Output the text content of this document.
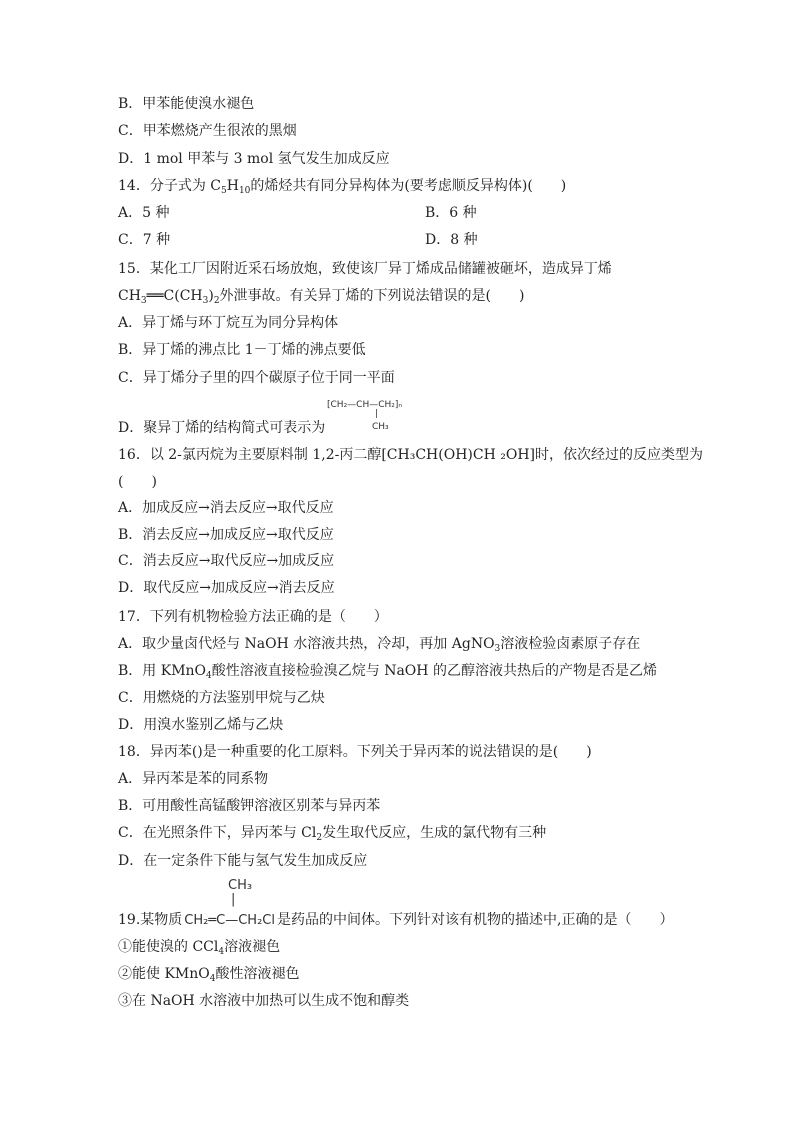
B．甲苯能使溴水褪色
C．甲苯燃烧产生很浓的黑烟
D．1 mol 甲苯与 3 mol 氢气发生加成反应
14．分子式为 $C_5H_{10}$的烯烃共有同分异构体为(要考虑顺反异构体)(　　)
A．5 种	B．6 种
C．7 种	D．8 种
15．某化工厂因附近采石场放炮，致使该厂异丁烯成品储罐被砸坏，造成异丁烯
$CH_3══C(CH_3)_2$外泄事故。有关异丁烯的下列说法错误的是(　　)
A．异丁烯与环丁烷互为同分异构体
B．异丁烯的沸点比 1－丁烯的沸点要低
C．异丁烯分子里的四个碳原子位于同一平面
[CH₂—CH—CH₂]ₙ
|
CH₃
D．聚异丁烯的结构简式可表示为
16．以 2-氯丙烷为主要原料制 1,2-丙二醇[CH₃CH(OH)CH ₂OH]时，依次经过的反应类型为
(　　)
A．加成反应→消去反应→取代反应
B．消去反应→加成反应→取代反应
C．消去反应→取代反应→加成反应
D．取代反应→加成反应→消去反应
17．下列有机物检验方法正确的是（　　）
A．取少量卤代烃与 NaOH 水溶液共热，冷却，再加 AgNO$_3$溶液检验卤素原子存在
B．用 KMnO$_4$酸性溶液直接检验溴乙烷与 NaOH 的乙醇溶液共热后的产物是否是乙烯
C．用燃烧的方法鉴别甲烷与乙炔
D．用溴水鉴别乙烯与乙炔
18．异丙苯()是一种重要的化工原料。下列关于异丙苯的说法错误的是(　　)
A．异丙苯是苯的同系物
B．可用酸性高锰酸钾溶液区别苯与异丙苯
C．在光照条件下，异丙苯与 $Cl_2$发生取代反应，生成的氯代物有三种
D．在一定条件下能与氢气发生加成反应
CH₃
|
19.某物质 CH₂═C—CH₂Cl 是药品的中间体。下列针对该有机物的描述中,正确的是（　　）
①能使溴的 CCl$_4$溶液褪色
②能使 KMnO$_4$酸性溶液褪色
③在 NaOH 水溶液中加热可以生成不饱和醇类
